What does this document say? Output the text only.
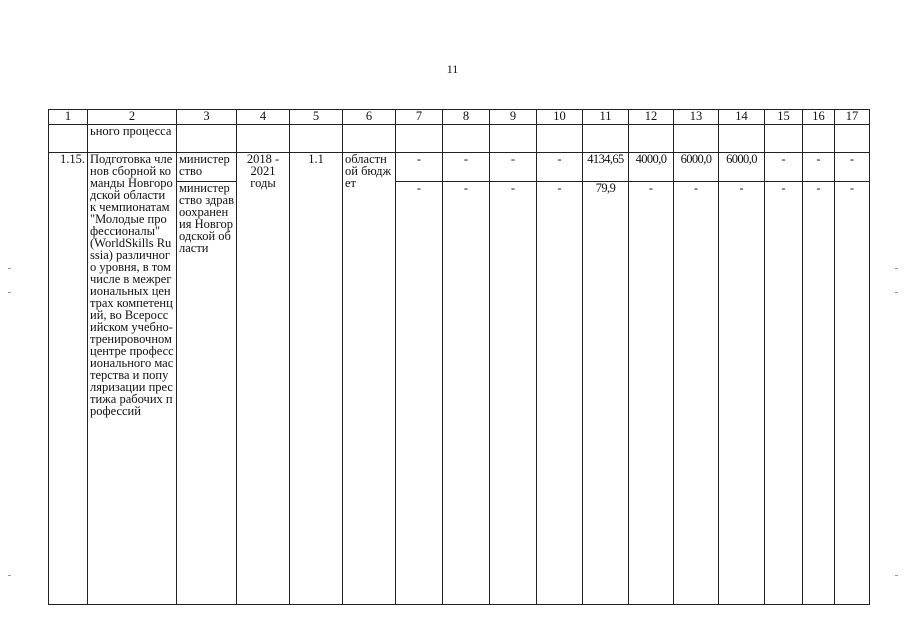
11
1	2	3	4	5	6	7	8	9	10	11	12	13	14	15	16	17
	ьного процесса															
1.15.	Подготовка членов сборной команды Новгородской области к чемпионатам "Молодые профессионалы" (WorldSkills Russia) различного уровня, в том числе в межрегиональных центрах компетенций, во Всероссийском учебно-тренировочном центре профессионального мастерства и популяризации престижа рабочих профессий	министерство	2018 - 2021 годы	1.1	областной бюджет	-	-	-	-	4134,65	4000,0	6000,0	6000,0	-	-	-
		министерство здравоохранения Новгородской области				-	-	-	-	79,9	-	-	-	-	-	-
